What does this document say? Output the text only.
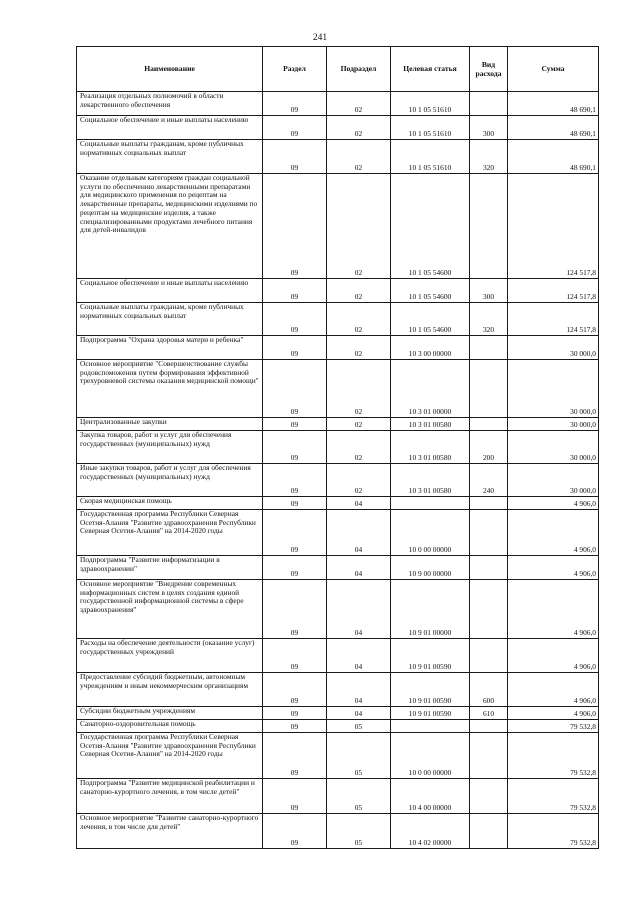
241
Наименование	Раздел	Подраздел	Целевая статья	Вид расхода	Сумма
Реализация отдельных полномочий в области лекарственного обеспечения	09	02	10 1 05 51610		48 690,1
Социальное обеспечение и иные выплаты населению	09	02	10 1 05 51610	300	48 690,1
Социальные выплаты гражданам, кроме публичных нормативных социальных выплат	09	02	10 1 05 51610	320	48 690,1
Оказание отдельным категориям граждан социальной услуги по обеспечению лекарственными препаратами для медицинского применения по рецептам на лекарственные препараты, медицинскими изделиями по рецептам на медицинские изделия, а также специализированными продуктами лечебного питания для детей-инвалидов	09	02	10 1 05 54600		124 517,8
Социальное обеспечение и иные выплаты населению	09	02	10 1 05 54600	300	124 517,8
Социальные выплаты гражданам, кроме публичных нормативных социальных выплат	09	02	10 1 05 54600	320	124 517,8
Подпрограмма "Охрана здоровья матери и ребенка"	09	02	10 3 00 00000		30 000,0
Основное мероприятие "Совершенствование службы родовспоможения путем формирования эффективной трехуровневой системы оказания медицинской помощи"	09	02	10 3 01 00000		30 000,0
Централизованные закупки	09	02	10 3 01 00580		30 000,0
Закупка товаров, работ и услуг для обеспечения государственных (муниципальных) нужд	09	02	10 3 01 00580	200	30 000,0
Иные закупки товаров, работ и услуг для обеспечения государственных (муниципальных) нужд	09	02	10 3 01 00580	240	30 000,0
Скорая медицинская помощь	09	04			4 906,0
Государственная программа Республики Северная Осетия-Алания "Развитие здравоохранения Республики Северная Осетия-Алания" на 2014-2020 годы	09	04	10 0 00 00000		4 906,0
Подпрограмма "Развитие информатизации в здравоохранении"	09	04	10 9 00 00000		4 906,0
Основное мероприятие "Внедрение современных информационных систем в целях создания единой государственной информационной системы в сфере здравоохранения"	09	04	10 9 01 00000		4 906,0
Расходы на обеспечение деятельности (оказание услуг) государственных учреждений	09	04	10 9 01 00590		4 906,0
Предоставление субсидий бюджетным, автономным учреждениям и иным некоммерческим организациям	09	04	10 9 01 00590	600	4 906,0
Субсидии бюджетным учреждениям	09	04	10 9 01 00590	610	4 906,0
Санаторно-оздоровительная помощь	09	05			79 532,8
Государственная программа Республики Северная Осетия-Алания "Развитие здравоохранения Республики Северная Осетия-Алания" на 2014-2020 годы	09	05	10 0 00 00000		79 532,8
Подпрограмма "Развитие медицинской реабилитации и санаторно-курортного лечения, в том числе детей"	09	05	10 4 00 00000		79 532,8
Основное мероприятие "Развитие санаторно-курортного лечения, в том числе для детей"	09	05	10 4 02 00000		79 532,8
